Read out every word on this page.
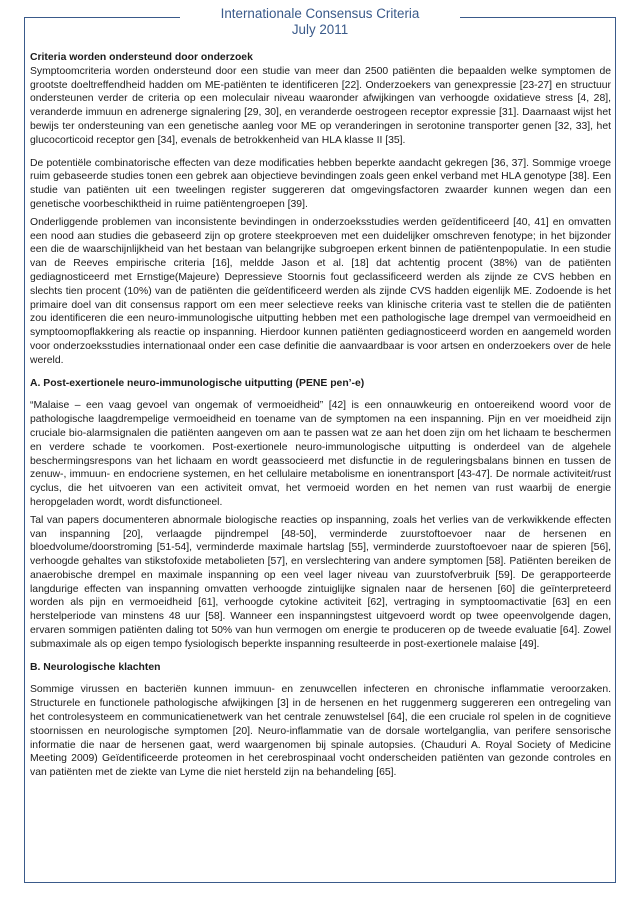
Internationale Consensus Criteria
July 2011

Criteria worden ondersteund door onderzoek
Symptoomcriteria worden ondersteund door een studie van meer dan 2500 patiënten die bepaalden welke symptomen de grootste doeltreffendheid hadden om ME-patiënten te identificeren [22]. Onderzoekers van genexpressie [23-27] en structuur ondersteunen verder de criteria op een moleculair niveau waaronder afwijkingen van verhoogde oxidatieve stress [4, 28], veranderde immuun en adrenerge signalering [29, 30], en veranderde oestrogeen receptor expressie [31]. Daarnaast wijst het bewijs ter ondersteuning van een genetische aanleg voor ME op veranderingen in serotonine transporter genen [32, 33], het glucocorticoid receptor gen [34], evenals de betrokkenheid van HLA klasse II [35].

De potentiële combinatorische effecten van deze modificaties hebben beperkte aandacht gekregen [36, 37]. Sommige vroege ruim gebaseerde studies tonen een gebrek aan objectieve bevindingen zoals geen enkel verband met HLA genotype [38]. Een studie van patiënten uit een tweelingen register suggereren dat omgevingsfactoren zwaarder kunnen wegen dan een genetische voorbeschiktheid in ruime patiëntengroepen [39].

Onderliggende problemen van inconsistente bevindingen in onderzoeksstudies werden geïdentificeerd [40, 41] en omvatten een nood aan studies die gebaseerd zijn op grotere steekproeven met een duidelijker omschreven fenotype; in het bijzonder een die de waarschijnlijkheid van het bestaan van belangrijke subgroepen erkent binnen de patiëntenpopulatie. In een studie van de Reeves empirische criteria [16], meldde Jason et al. [18] dat achtentig procent (38%) van de patiënten gediagnosticeerd met Ernstige(Majeure) Depressieve Stoornis fout geclassificeerd werden als zijnde ze CVS hebben en slechts tien procent (10%) van de patiënten die geïdentificeerd werden als zijnde CVS hadden eigenlijk ME. Zodoende is het primaire doel van dit consensus rapport om een meer selectieve reeks van klinische criteria vast te stellen die de patiënten zou identificeren die een neuro-immunologische uitputting hebben met een pathologische lage drempel van vermoeidheid en symptoomopflakkering als reactie op inspanning. Hierdoor kunnen patiënten gediagnosticeerd worden en aangemeld worden voor onderzoeksstudies internationaal onder een case definitie die aanvaardbaar is voor artsen en onderzoekers over de hele wereld.

A. Post-exertionele neuro-immunologische uitputting (PENE pen’-e)

“Malaise – een vaag gevoel van ongemak of vermoeidheid” [42] is een onnauwkeurig en ontoereikend woord voor de pathologische laagdrempelige vermoeidheid en toename van de symptomen na een inspanning. Pijn en ver moeidheid zijn cruciale bio-alarmsignalen die patiënten aangeven om aan te passen wat ze aan het doen zijn om het lichaam te beschermen en verdere schade te voorkomen. Post-exertionele neuro-immunologische uitputting is onderdeel van de algehele beschermingsrespons van het lichaam en wordt geassocieerd met disfunctie in de reguleringsbalans binnen en tussen de zenuw-, immuun- en endocriene systemen, en het cellulaire metabolisme en ionentransport [43-47]. De normale activiteit/rust cyclus, die het uitvoeren van een activiteit omvat, het vermoeid worden en het nemen van rust waarbij de energie heropgeladen wordt, wordt disfunctioneel.

Tal van papers documenteren abnormale biologische reacties op inspanning, zoals het verlies van de verkwikkende effecten van inspanning [20], verlaagde pijndrempel [48-50], verminderde zuurstoftoevoer naar de hersenen en bloedvolume/doorstroming [51-54], verminderde maximale hartslag [55], verminderde zuurstoftoevoer naar de spieren [56], verhoogde gehaltes van stikstofoxide metabolieten [57], en verslechtering van andere symptomen [58]. Patiënten bereiken de anaerobische drempel en maximale inspanning op een veel lager niveau van zuurstofverbruik [59]. De gerapporteerde langdurige effecten van inspanning omvatten verhoogde zintuiglijke signalen naar de hersenen [60] die geïnterpreteerd worden als pijn en vermoeidheid [61], verhoogde cytokine activiteit [62], vertraging in symptoomactivatie [63] en een herstelperiode van minstens 48 uur [58]. Wanneer een inspanningstest uitgevoerd wordt op twee opeenvolgende dagen, ervaren sommigen patiënten daling tot 50% van hun vermogen om energie te produceren op de tweede evaluatie [64]. Zowel submaximale als op eigen tempo fysiologisch beperkte inspanning resulteerde in post-exertionele malaise [49].

B. Neurologische klachten

Sommige virussen en bacteriën kunnen immuun- en zenuwcellen infecteren en chronische inflammatie veroorzaken. Structurele en functionele pathologische afwijkingen [3] in de hersenen en het ruggenmerg suggereren een ontregeling van het controlesysteem en communicatienetwerk van het centrale zenuwstelsel [64], die een cruciale rol spelen in de cognitieve stoornissen en neurologische symptomen [20]. Neuro-inflammatie van de dorsale wortelganglia, van perifere sensorische informatie die naar de hersenen gaat, werd waargenomen bij spinale autopsies. (Chauduri A. Royal Society of Medicine Meeting 2009) Geïdentificeerde proteomen in het cerebrospinaal vocht onderscheiden patiënten van gezonde controles en van patiënten met de ziekte van Lyme die niet hersteld zijn na behandeling [65].
